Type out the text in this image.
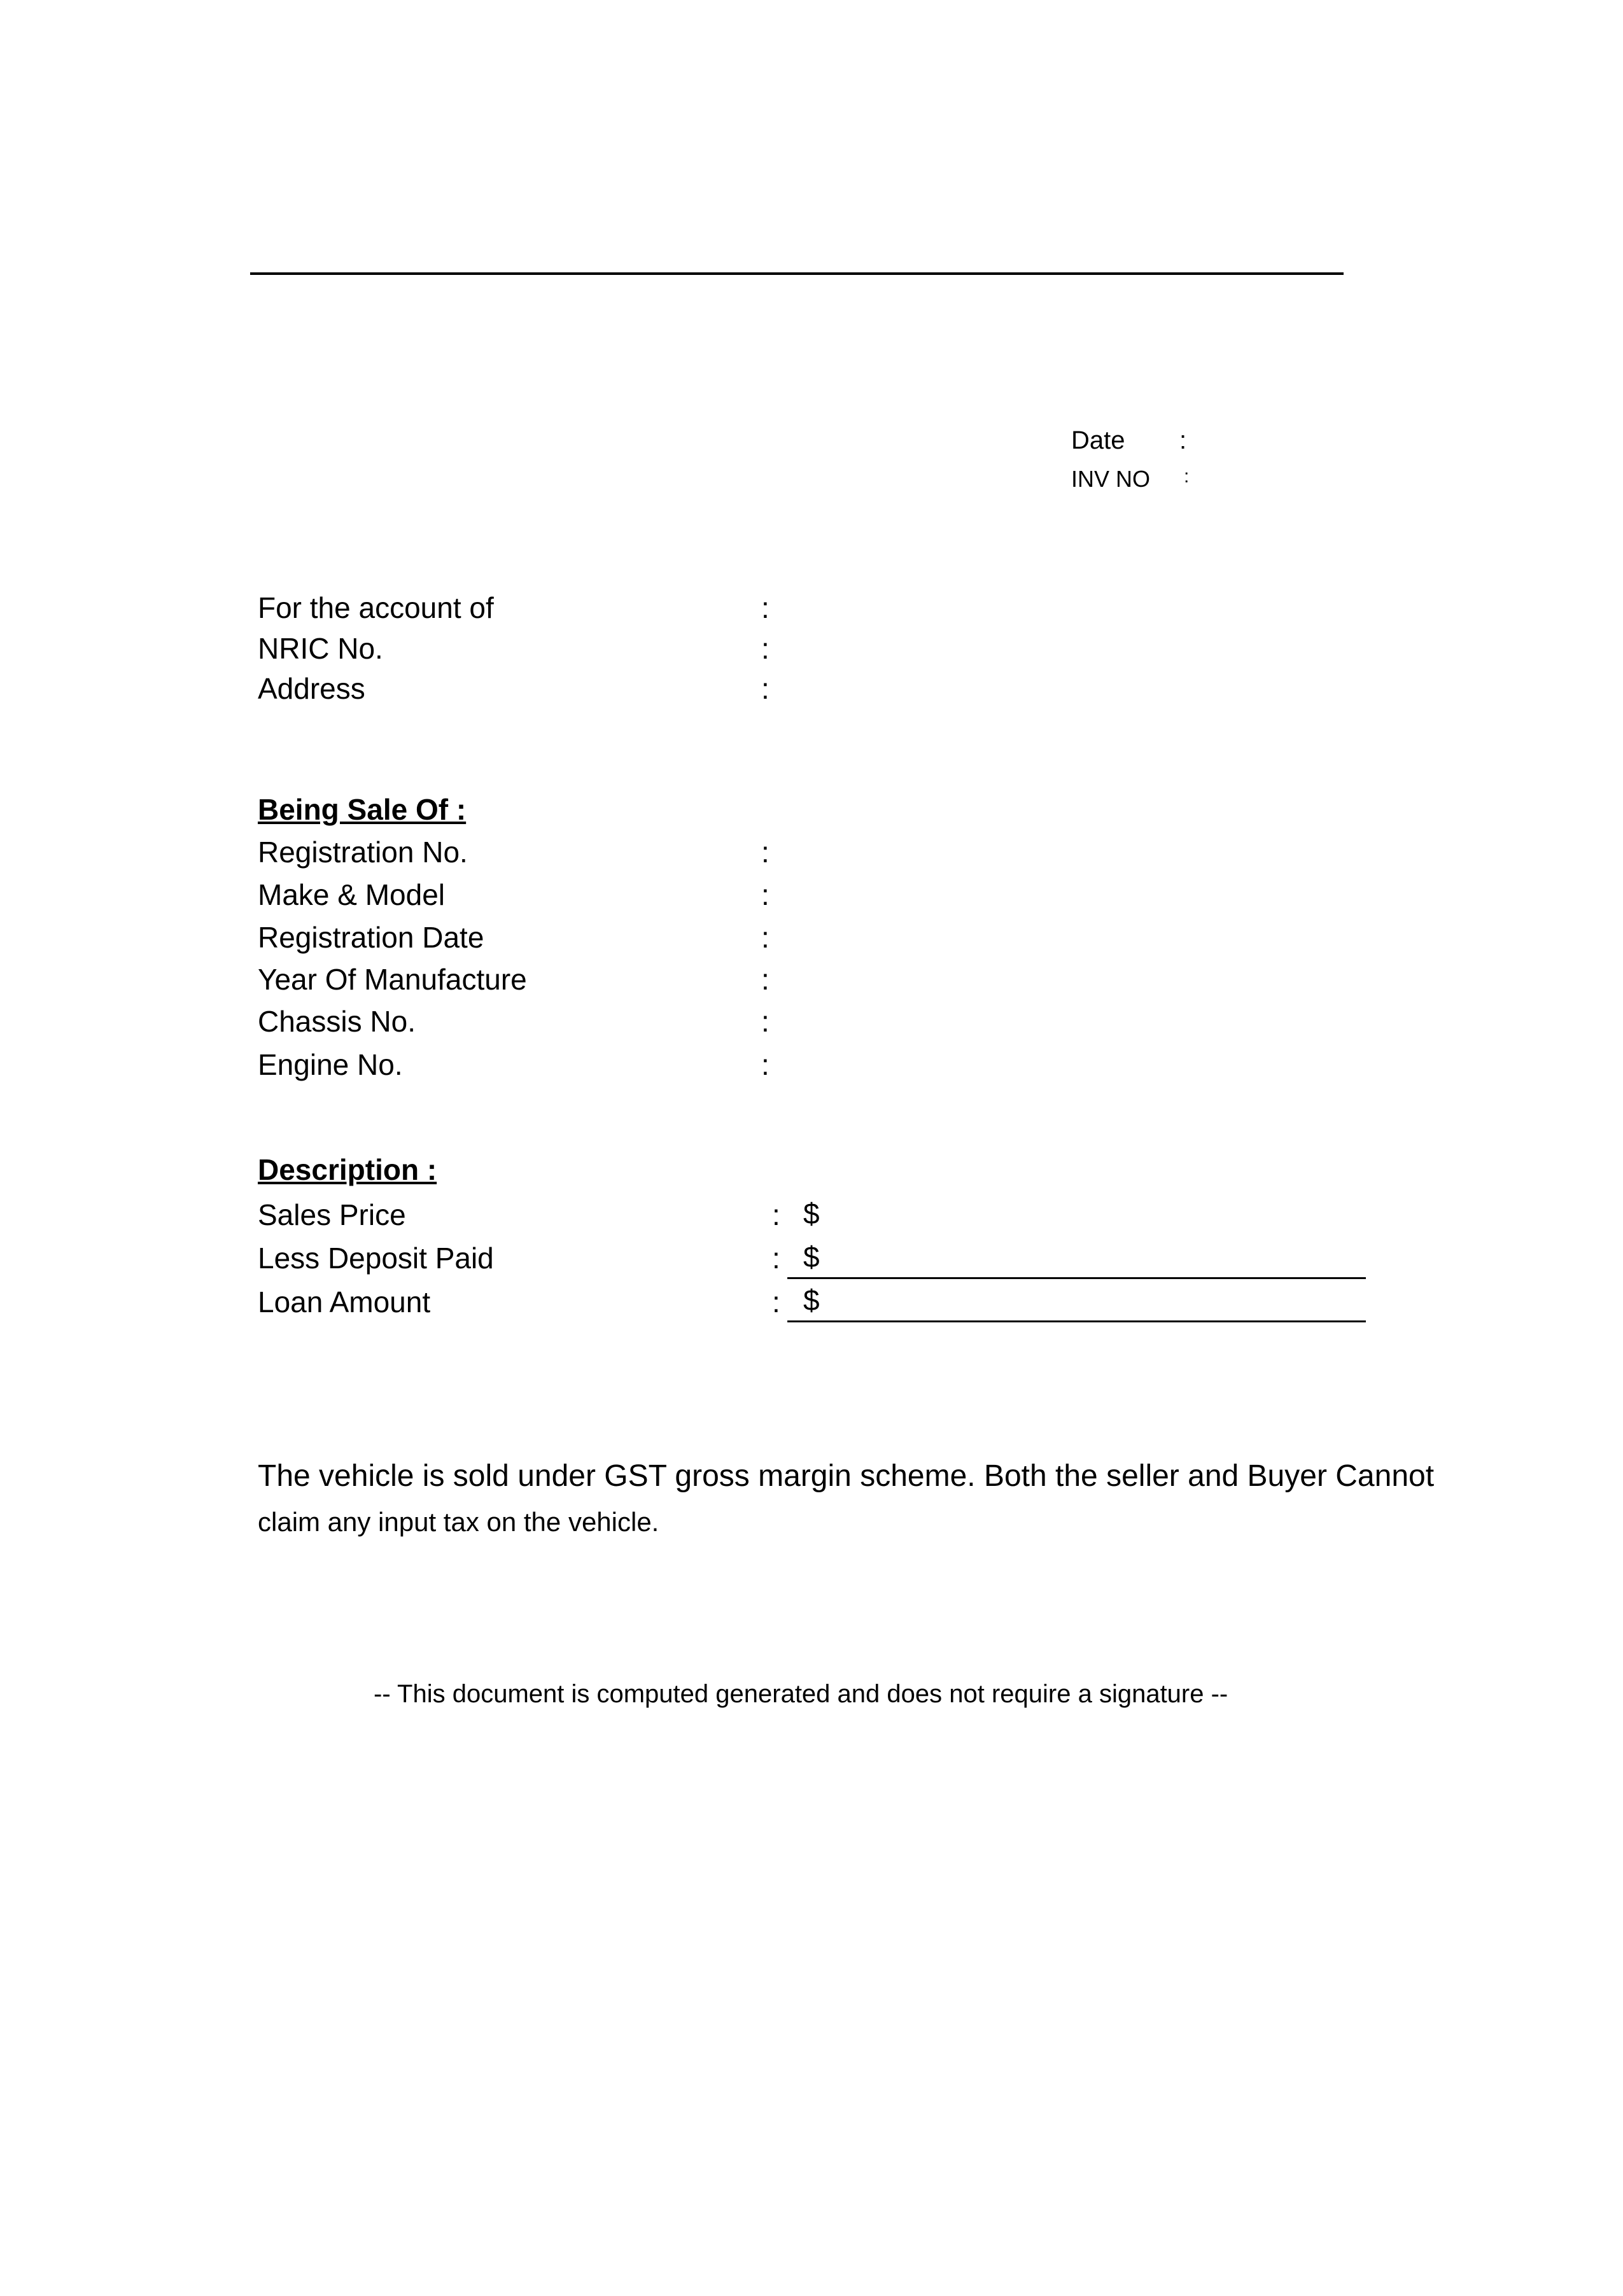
Date :
INV NO :
For the account of	:
NRIC No.	:
Address	:
Being Sale Of :
Registration No.	:
Make & Model	:
Registration Date	:
Year Of Manufacture	:
Chassis No.	:
Engine No.	:
Description :
Sales Price	: $
Less Deposit Paid	: $
Loan Amount	: $
The vehicle is sold under GST gross margin scheme. Both the seller and Buyer Cannot
claim any input tax on the vehicle.
-- This document is computed generated and does not require a signature --
